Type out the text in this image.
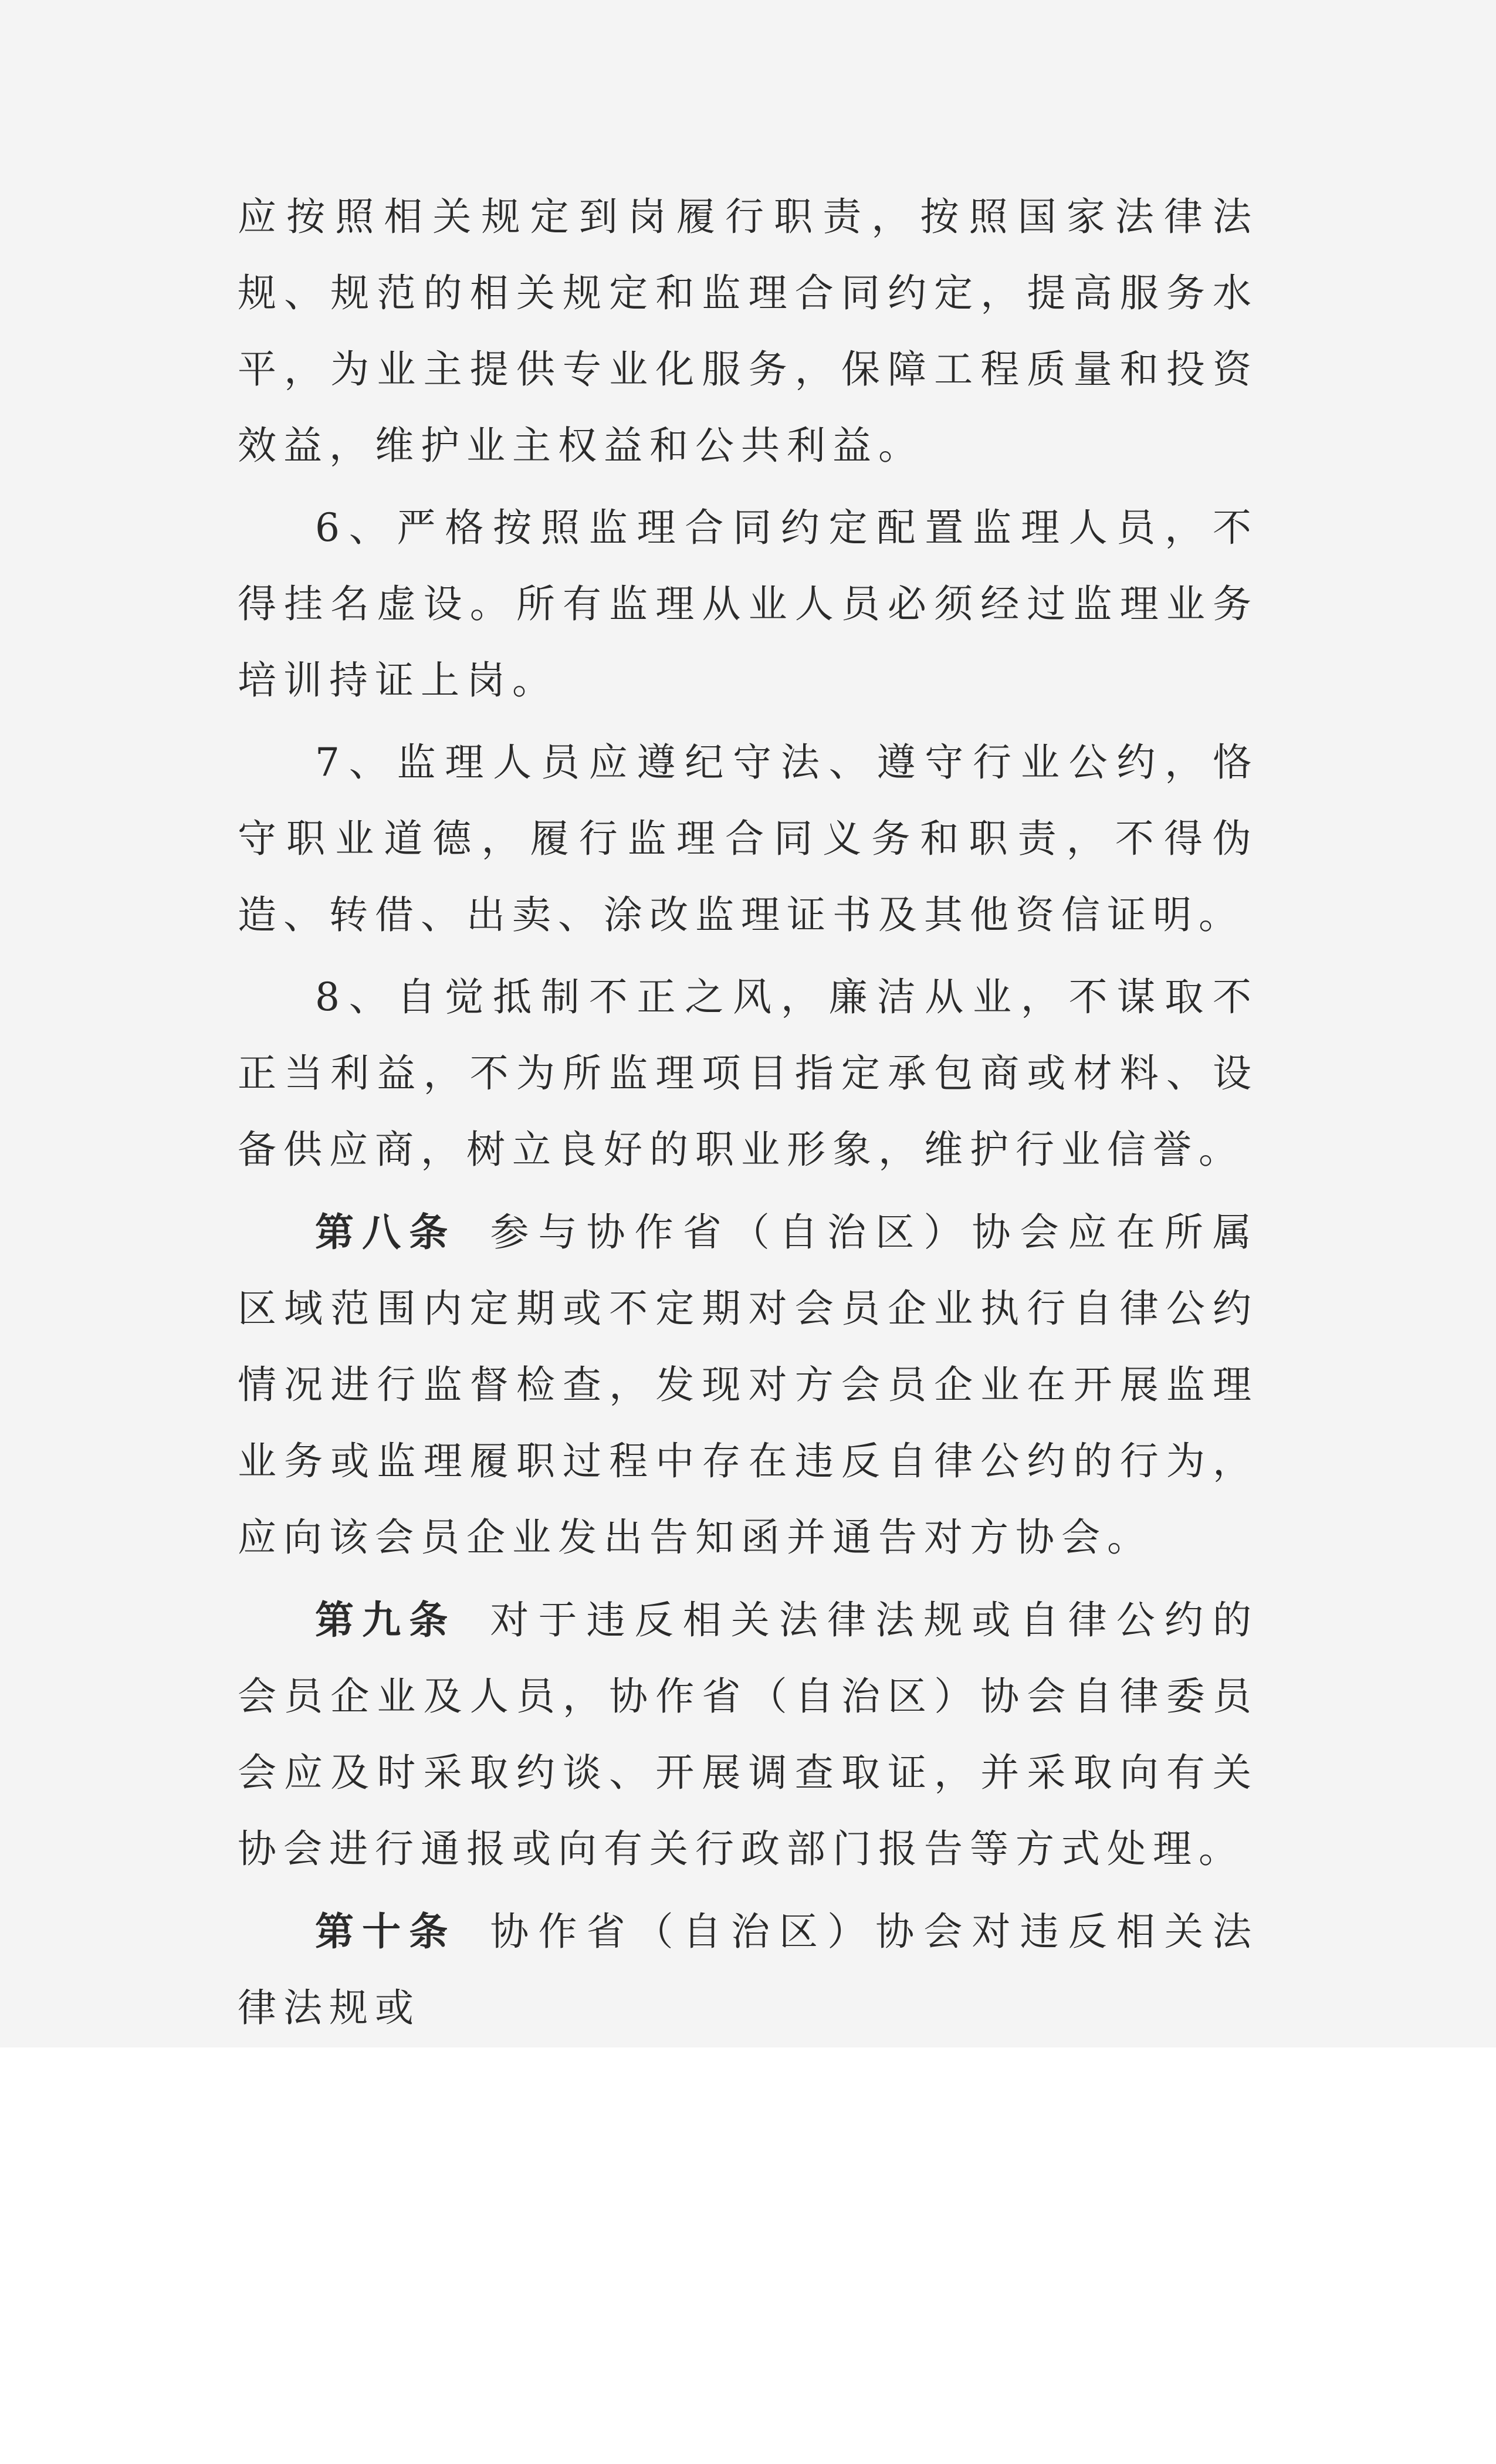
应按照相关规定到岗履行职责，按照国家法律法规、规范的相关规定和监理合同约定，提高服务水平，为业主提供专业化服务，保障工程质量和投资效益，维护业主权益和公共利益。

6、严格按照监理合同约定配置监理人员，不得挂名虚设。所有监理从业人员必须经过监理业务培训持证上岗。

7、监理人员应遵纪守法、遵守行业公约，恪守职业道德，履行监理合同义务和职责，不得伪造、转借、出卖、涂改监理证书及其他资信证明。

8、自觉抵制不正之风，廉洁从业，不谋取不正当利益，不为所监理项目指定承包商或材料、设备供应商，树立良好的职业形象，维护行业信誉。

第八条 参与协作省（自治区）协会应在所属区域范围内定期或不定期对会员企业执行自律公约情况进行监督检查，发现对方会员企业在开展监理业务或监理履职过程中存在违反自律公约的行为，应向该会员企业发出告知函并通告对方协会。

第九条 对于违反相关法律法规或自律公约的会员企业及人员，协作省（自治区）协会自律委员会应及时采取约谈、开展调查取证，并采取向有关协会进行通报或向有关行政部门报告等方式处理。

第十条 协作省（自治区）协会对违反相关法律法规或
